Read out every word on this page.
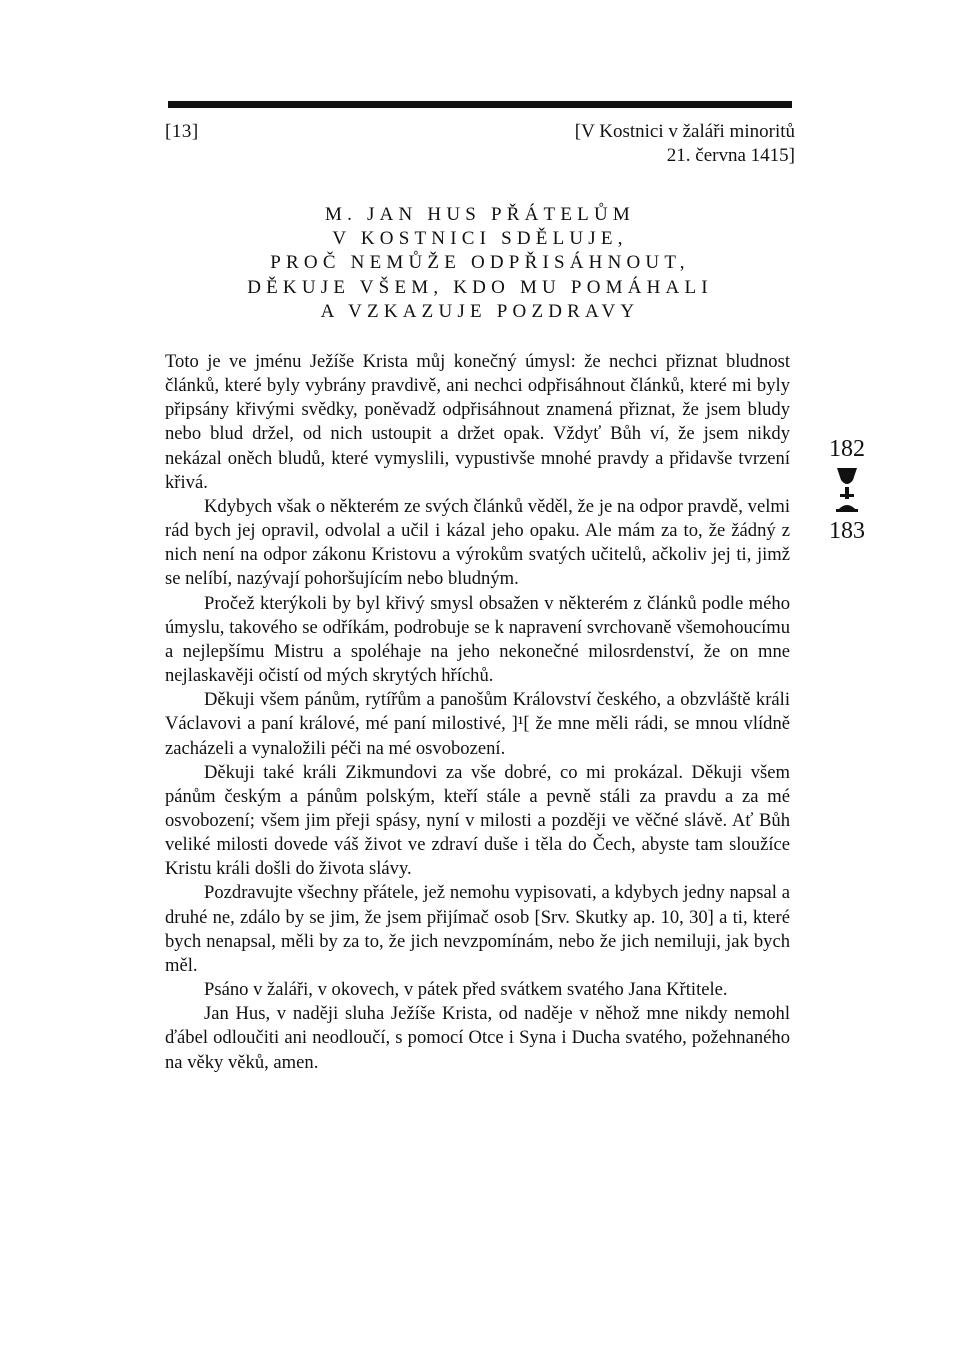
[13]	[V Kostnici v žaláři minoritů
21. června 1415]
M. JAN HUS PŘÁTELŮM
V KOSTNICI SDĚLUJE,
PROČ NEMŮŽE ODPŘISÁHNOUT,
DĚKUJE VŠEM, KDO MU POMÁHALI
A VZKAZUJE POZDRAVY

Toto je ve jménu Ježíše Krista můj konečný úmysl: že nechci přiznat bludnost článků, které byly vybrány pravdivě, ani nechci odpřisáhnout článků, které mi byly připsány křivými svědky, poněvadž odpřisáhnout znamená přiznat, že jsem bludy nebo blud držel, od nich ustoupit a držet opak. Vždyť Bůh ví, že jsem nikdy nekázal oněch bludů, které vymyslili, vypustivše mnohé pravdy a přidavše tvrzení křivá.

Kdybych však o některém ze svých článků věděl, že je na odpor pravdě, velmi rád bych jej opravil, odvolal a učil i kázal jeho opaku. Ale mám za to, že žádný z nich není na odpor zákonu Kristovu a výrokům svatých učitelů, ačkoliv jej ti, jimž se nelíbí, nazývají pohoršujícím nebo bludným.

Pročež kterýkoli by byl křivý smysl obsažen v některém z článků podle mého úmyslu, takového se odříkám, podrobuje se k napravení svrchovaně všemohoucímu a nejlepšímu Mistru a spoléhaje na jeho nekonečné milosrdenství, že on mne nejlaskavěji očistí od mých skrytých hříchů.

Děkuji všem pánům, rytířům a panošům Království českého, a obzvláště králi Václavovi a paní králové, mé paní milostivé, ]¹[ že mne měli rádi, se mnou vlídně zacházeli a vynaložili péči na mé osvobození.

Děkuji také králi Zikmundovi za vše dobré, co mi prokázal. Děkuji všem pánům českým a pánům polským, kteří stále a pevně stáli za pravdu a za mé osvobození; všem jim přeji spásy, nyní v milosti a později ve věčné slávě. Ať Bůh veliké milosti dovede váš život ve zdraví duše i těla do Čech, abyste tam sloužíce Kristu králi došli do života slávy.

Pozdravujte všechny přátele, jež nemohu vypisovati, a kdybych jedny napsal a druhé ne, zdálo by se jim, že jsem přijímač osob [Srv. Skutky ap. 10, 30] a ti, které bych nenapsal, měli by za to, že jich nevzpomínám, nebo že jich nemiluji, jak bych měl.

Psáno v žaláři, v okovech, v pátek před svátkem svatého Jana Křtitele.

Jan Hus, v naději sluha Ježíše Krista, od naděje v něhož mne nikdy nemohl ďábel odloučiti ani neodloučí, s pomocí Otce i Syna i Ducha svatého, požehnaného na věky věků, amen.

182
183
